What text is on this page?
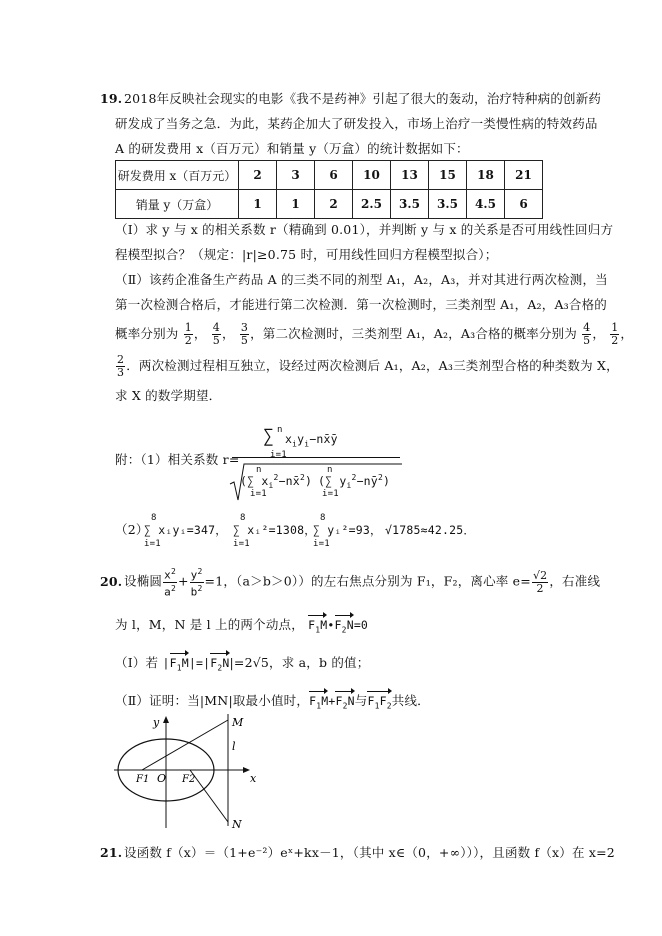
19. 2018年反映社会现实的电影《我不是药神》引起了很大的轰动，治疗特种病的创新药
研发成了当务之急．为此，某药企加大了研发投入，市场上治疗一类慢性病的特效药品
A 的研发费用 x（百万元）和销量 y（万盒）的统计数据如下：
研发费用 x（百万元）	2	3	6	10	13	15	18	21
销量 y（万盒）	1	1	2	2.5	3.5	3.5	4.5	6
（Ⅰ）求 y 与 x 的相关系数 r（精确到 0.01），并判断 y 与 x 的关系是否可用线性回归方
程模型拟合？（规定：|r|≥0.75 时，可用线性回归方程模型拟合）；
（Ⅱ）该药企准备生产药品 A 的三类不同的剂型 A₁，A₂，A₃，并对其进行两次检测，当
第一次检测合格后，才能进行第二次检测．第一次检测时，三类剂型 A₁，A₂，A₃合格的
概率分别为 $\frac{1}{2}$ ， $\frac{4}{5}$ ， $\frac{3}{5}$ ，第二次检测时，三类剂型 A₁，A₂，A₃合格的概率分别为 $\frac{4}{5}$ ， $\frac{1}{2}$ ，
$\frac{2}{3}$ ．两次检测过程相互独立，设经过两次检测后 A₁，A₂，A₃三类剂型合格的种类数为 X，
求 X 的数学期望．
附：（1）相关系数 r=
n
∑ $x_iy_i-nx̄ȳ$
i=1
n
(∑ $x_i^2-nx̄^2$)
n
(∑ $y_i^2-nȳ^2$)
i=1	i=1
（2）
8
i=1
∑ xᵢyᵢ=347，
8
i=1
∑ xᵢ²=1308，
8
i=1
∑ yᵢ²=93， √1785≈42.25．
20. 设椭圆 $\frac{x^2}{a^2} + \frac{y^2}{b^2} =1$，（a＞b＞0））的左右焦点分别为 F₁，F₂，离心率 $e= \frac{√2}{2}$ ，右准线
为 l，M，N 是 l 上的两个动点， $F_1M•F_2N=0$
（Ⅰ）若 $|F_1M|=|F_2N|=2√5$，求 a，b 的值；
（Ⅱ）证明：当|MN|取最小值时，$F_1M+F_2N$与$F_1F_2$共线．
y
x
O
F1	F2
M
l
N
21. 设函数 f（x）＝（1+e⁻²）eˣ+kx－1，（其中 x∈（0，+∞））），且函数 f（x）在 x=2
